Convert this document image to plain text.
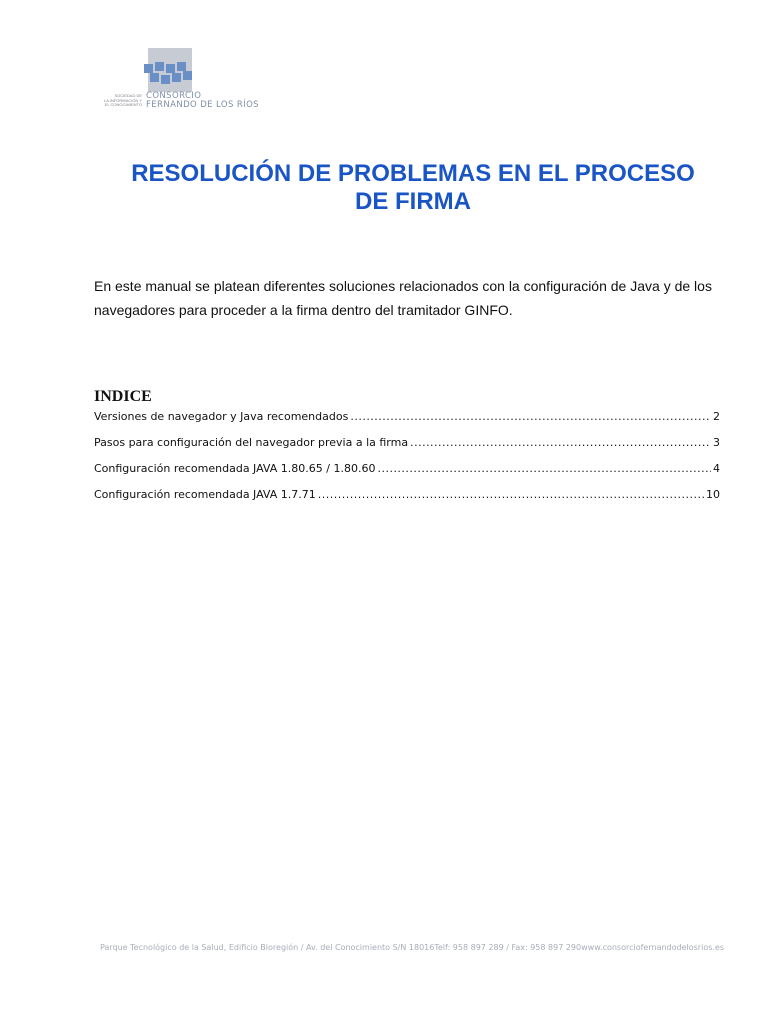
SOCIEDAD DE
LA INFORMACIÓN Y
EL CONOCIMIENTO
CONSORCIO
FERNANDO DE LOS RÍOS
RESOLUCIÓN DE PROBLEMAS EN EL PROCESO
DE FIRMA
En este manual se platean diferentes soluciones relacionados con la configuración de Java y de los navegadores para proceder a la firma dentro del tramitador GINFO.
INDICE
Versiones de navegador y Java recomendados .....	2
Pasos para configuración del navegador previa a la firma .....	3
Configuración recomendada JAVA 1.80.65 / 1.80.60 .....	4
Configuración recomendada JAVA 1.7.71 .....	10
Parque Tecnológico de la Salud, Edificio Bioregión / Av. del Conocimiento S/N 18016 Telf: 958 897 289 / Fax: 958 897 290 www.consorciofernandodelosrios.es
